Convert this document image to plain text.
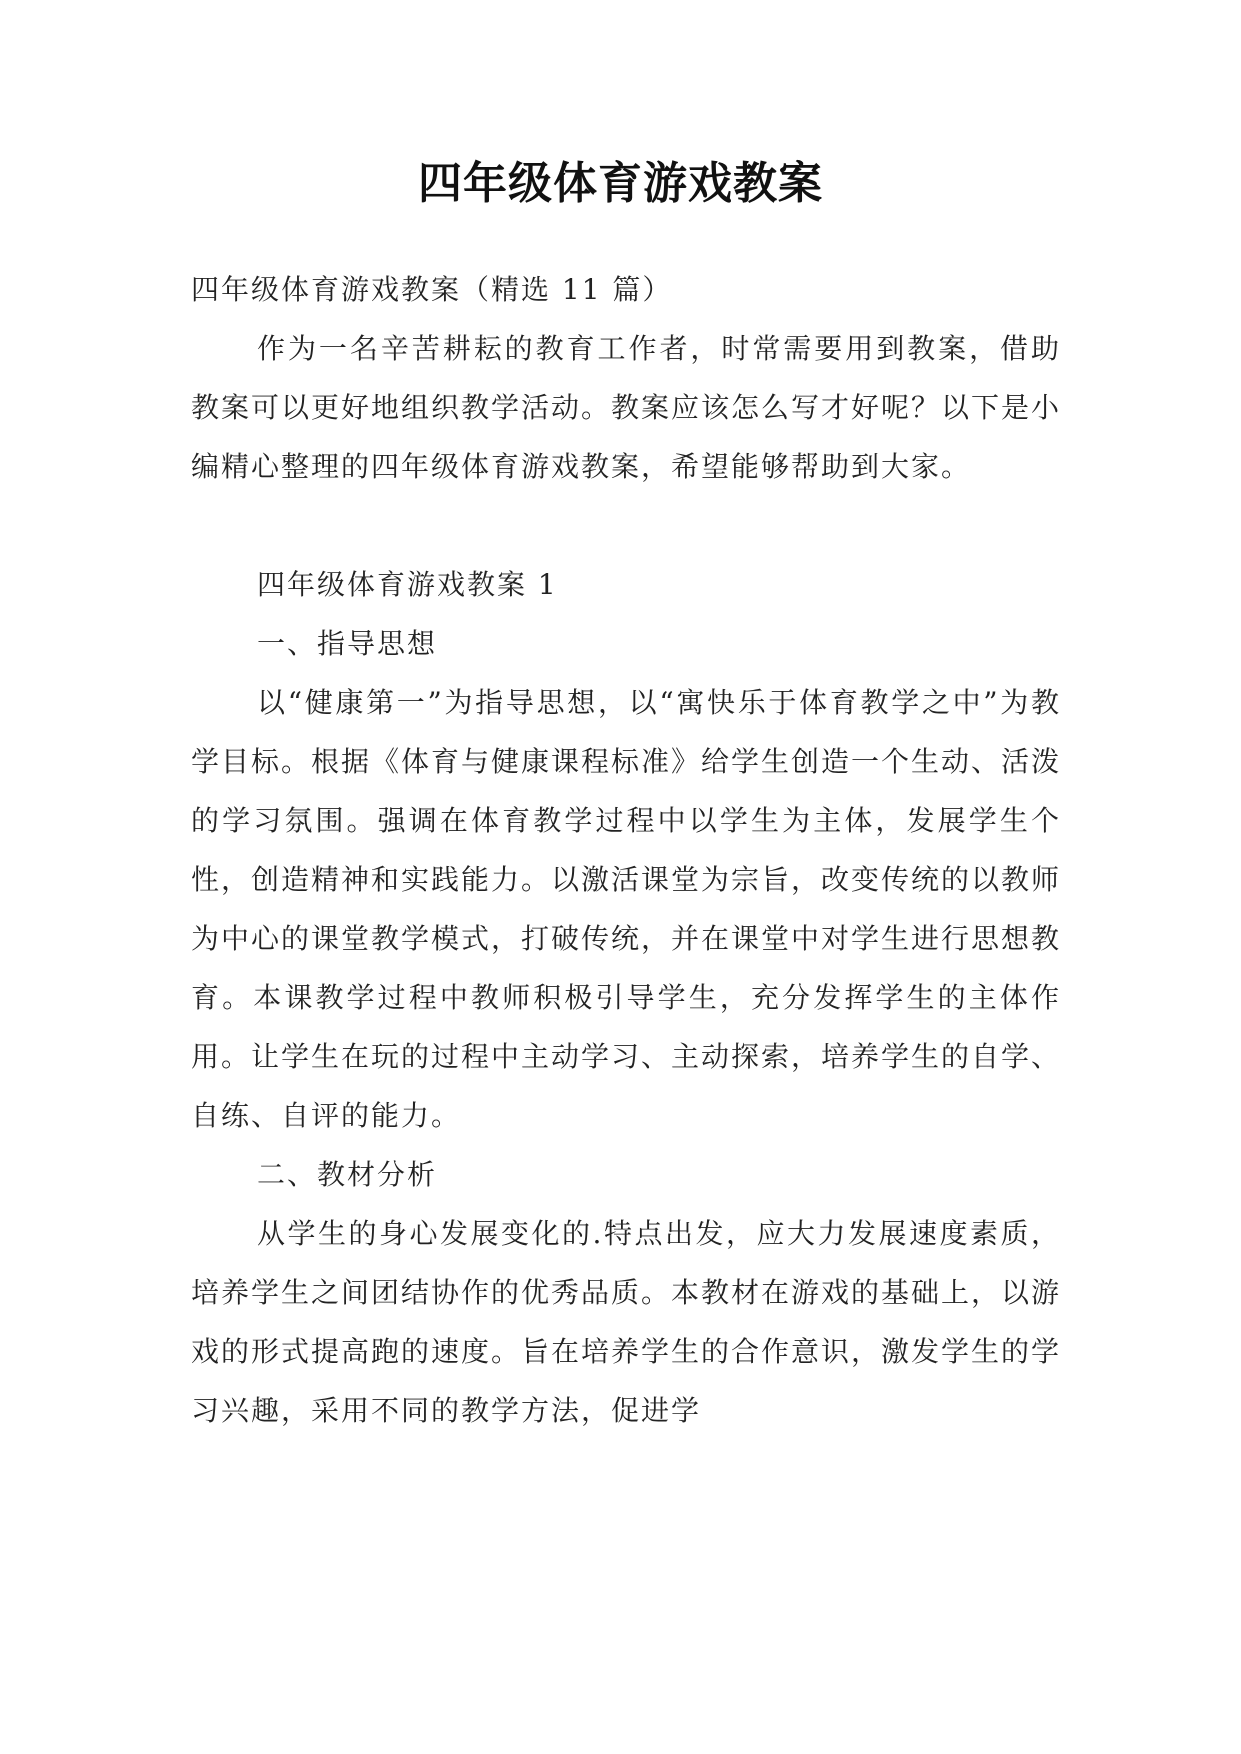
四年级体育游戏教案

四年级体育游戏教案（精选 11 篇）

作为一名辛苦耕耘的教育工作者，时常需要用到教案，借助教案可以更好地组织教学活动。教案应该怎么写才好呢？以下是小编精心整理的四年级体育游戏教案，希望能够帮助到大家。

四年级体育游戏教案 1

一、指导思想

以“健康第一”为指导思想，以“寓快乐于体育教学之中”为教学目标。根据《体育与健康课程标准》给学生创造一个生动、活泼的学习氛围。强调在体育教学过程中以学生为主体，发展学生个性，创造精神和实践能力。以激活课堂为宗旨，改变传统的以教师为中心的课堂教学模式，打破传统，并在课堂中对学生进行思想教育。本课教学过程中教师积极引导学生，充分发挥学生的主体作用。让学生在玩的过程中主动学习、主动探索，培养学生的自学、自练、自评的能力。

二、教材分析

从学生的身心发展变化的.特点出发，应大力发展速度素质，培养学生之间团结协作的优秀品质。本教材在游戏的基础上，以游戏的形式提高跑的速度。旨在培养学生的合作意识，激发学生的学习兴趣，采用不同的教学方法，促进学
